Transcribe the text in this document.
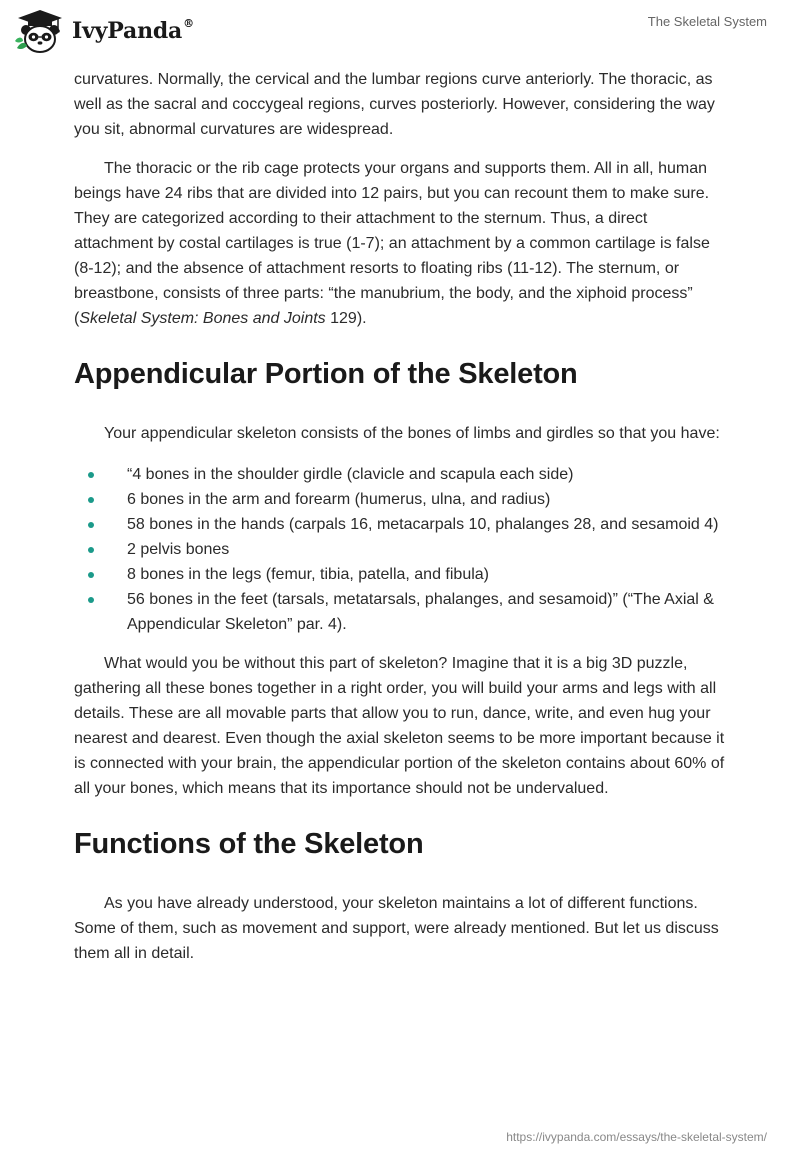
IvyPanda®	The Skeletal System

curvatures. Normally, the cervical and the lumbar regions curve anteriorly. The thoracic, as well as the sacral and coccygeal regions, curves posteriorly. However, considering the way you sit, abnormal curvatures are widespread.

The thoracic or the rib cage protects your organs and supports them. All in all, human beings have 24 ribs that are divided into 12 pairs, but you can recount them to make sure. They are categorized according to their attachment to the sternum. Thus, a direct attachment by costal cartilages is true (1-7); an attachment by a common cartilage is false (8-12); and the absence of attachment resorts to floating ribs (11-12). The sternum, or breastbone, consists of three parts: “the manubrium, the body, and the xiphoid process” (Skeletal System: Bones and Joints 129).

Appendicular Portion of the Skeleton

Your appendicular skeleton consists of the bones of limbs and girdles so that you have:

“4 bones in the shoulder girdle (clavicle and scapula each side)
6 bones in the arm and forearm (humerus, ulna, and radius)
58 bones in the hands (carpals 16, metacarpals 10, phalanges 28, and sesamoid 4)
2 pelvis bones
8 bones in the legs (femur, tibia, patella, and fibula)
56 bones in the feet (tarsals, metatarsals, phalanges, and sesamoid)” (“The Axial & Appendicular Skeleton” par. 4).

What would you be without this part of skeleton? Imagine that it is a big 3D puzzle, gathering all these bones together in a right order, you will build your arms and legs with all details. These are all movable parts that allow you to run, dance, write, and even hug your nearest and dearest. Even though the axial skeleton seems to be more important because it is connected with your brain, the appendicular portion of the skeleton contains about 60% of all your bones, which means that its importance should not be undervalued.

Functions of the Skeleton

As you have already understood, your skeleton maintains a lot of different functions. Some of them, such as movement and support, were already mentioned. But let us discuss them all in detail.

https://ivypanda.com/essays/the-skeletal-system/
